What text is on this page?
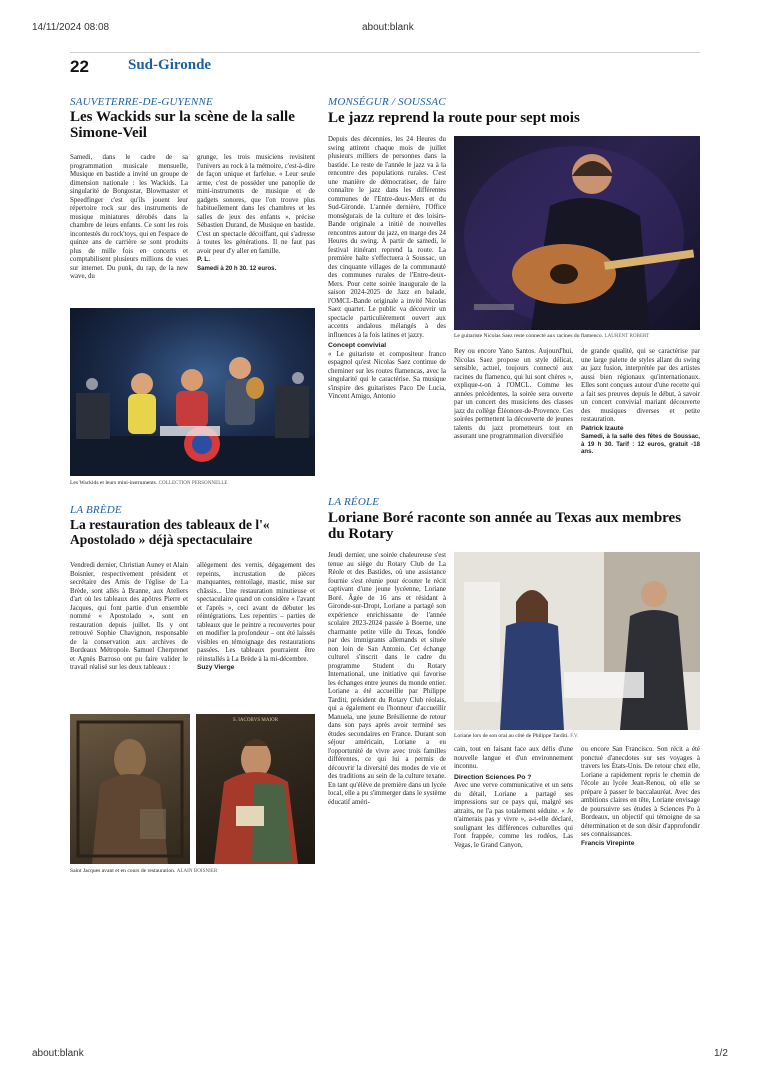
14/11/2024 08:08	about:blank
about:blank	1/2
22	Sud-Gironde
SAUVETERRE-DE-GUYENNE
Les Wackids sur la scène de la salle Simone-Veil

Samedi, dans le cadre de sa programmation musicale mensuelle, Musique en bastide a invité un groupe de dimension nationale : les Wackids. La singularité de Bongostar, Blowmaster et Speedfinger c'est qu'ils jouent leur répertoire rock sur des instruments de musique miniatures dérobés dans la chambre de leurs enfants. Ce sont les rois incontestés du rock'toys, qui en l'espace de quinze ans de carrière se sont produits plus de mille fois en concerts et comptabilisent plusieurs millions de vues sur internet. Du punk, du rap, de la new wave, du

grunge, les trois musiciens revisitent l'univers au rock à la mémoire, c'est-à-dire de façon unique et farfelue. « Leur seule arme, c'est de posséder une panoplie de mini-instruments de musique et de gadgets sonores, que l'on trouve plus habituellement dans les chambres et les salles de jeux des enfants », précise Sébastien Durand, de Musique en bastide. C'est un spectacle décoiffant, qui s'adresse à toutes les générations. Il ne faut pas avoir peur d'y aller en famille.

P. L.

Samedi à 20 h 30. 12 euros.

Les Wackids et leurs mini-instruments. COLLECTION PERSONNELLE
MONSÉGUR / SOUSSAC
Le jazz reprend la route pour sept mois

Depuis des décennies, les 24 Heures du swing attirent chaque mois de juillet plusieurs milliers de personnes dans la bastide. Le reste de l'année le jazz va à la rencontre des populations rurales. C'est une manière de démocratiser, de faire connaître le jazz dans les différentes communes de l'Entre-deux-Mers et du Sud-Gironde. L'année dernière, l'Office monségurais de la culture et des loisirs-Bande originale a initié de nouvelles rencontres autour du jazz, en marge des 24 Heures du swing. À partir de samedi, le festival itinérant reprend la route. La première halte s'effectuera à Soussac, un des cinquante villages de la communauté des communes rurales de l'Entre-deux-Mers. Pour cette soirée inaugurale de la saison 2024-2025 de Jazz en balade, l'OMCL-Bande originale a invité Nicolas Saez quartet. Le public va découvrir un spectacle particulièrement ouvert aux accents andalous mélangés à des influences à la fois latines et jazzy.

Concept convivial

« Le guitariste et compositeur franco espagnol qu'est Nicolas Saez continue de cheminer sur les routes flamencas, avec la singularité qui le caractérise. Sa musique s'inspire des guitaristes Paco De Lucia, Vincent Amigo, Antonio

Le guitariste Nicolas Saez reste connecté aux racines du flamenco. LAURENT ROBERT

Rey ou encore Yano Santos. Aujourd'hui, Nicolas Saez propose un style délicat, sensible, actuel, toujours connecté aux racines du flamenco, qui lui sont chères », explique-t-on à l'OMCL. Comme les années précédentes, la soirée sera ouverte par un concert des musiciens des classes jazz du collège Éléonore-de-Provence. Ces soirées permettent la découverte de jeunes talents du jazz prometteurs tout en assurant une programmation diversifiée

de grande qualité, qui se caractérise par une large palette de styles allant du swing au jazz fusion, interprétée par des artistes aussi bien régionaux qu'internationaux. Elles sont conçues autour d'une recette qui a fait ses preuves depuis le début, à savoir un concert convivial mariant découverte des musiques diverses et petite restauration.

Patrick Izaute

Samedi, à la salle des fêtes de Soussac, à 19 h 30. Tarif : 12 euros, gratuit -18 ans.

LA BRÈDE
La restauration des tableaux de l'« Apostolado » déjà spectaculaire

Vendredi dernier, Christian Auney et Alain Boisnier, respectivement président et secrétaire des Amis de l'église de La Brède, sont allés à Branne, aux Ateliers d'art où les tableaux des apôtres Pierre et Jacques, qui font partie d'un ensemble nommé « Apostolado », sont en restauration depuis juillet. Ils y ont retrouvé Sophie Chavignon, responsable de la conservation aux archives de Bordeaux Métropole. Samuel Cherprenet et Agnès Barroso ont pu faire valider le travail réalisé sur les deux tableaux :

allègement des vernis, dégagement des repeints, incrustation de pièces manquantes, rentoilage, mastic, mise sur châssis... Une restauration minutieuse et spectaculaire quand on considère « l'avant et l'après », ceci avant de débuter les réintégrations. Les repentirs – parties de tableaux que le peintre a recouvertes pour en modifier la profondeur – ont été laissés visibles en témoignage des restaurations passées. Les tableaux pourraient être réinstallés à La Brède à la mi-décembre.

Suzy Vierge

S. IACOBVS MAIOR
Saint Jacques avant et en cours de restauration. ALAIN BOISNIER
LA RÉOLE
Loriane Boré raconte son année au Texas aux membres du Rotary

Jeudi dernier, une soirée chaleureuse s'est tenue au siège du Rotary Club de La Réole et des Bastides, où une assistance fournie s'est réunie pour écouter le récit captivant d'une jeune lycéenne, Loriane Boré. Âgée de 16 ans et résidant à Gironde-sur-Dropt, Loriane a partagé son expérience enrichissante de l'année scolaire 2023-2024 passée à Boerne, une charmante petite ville du Texas, fondée par des immigrants allemands et située non loin de San Antonio. Cet échange culturel s'inscrit dans le cadre du programme Student du Rotary International, une initiative qui favorise les échanges entre jeunes du monde entier. Loriane a été accueillie par Philippe Tarditi, président du Rotary Club réolais, qui a également eu l'honneur d'accueillir Manuela, une jeune Brésilienne de retour dans son pays après avoir terminé ses études secondaires en France. Durant son séjour américain, Loriane a eu l'opportunité de vivre avec trois familles différentes, ce qui lui a permis de découvrir la diversité des modes de vie et des traditions au sein de la culture texane. En tant qu'élève de première dans un lycée local, elle a pu s'immerger dans le système éducatif améri-

Loriane lors de son oral au côté de Philippe Tarditi. F.V.

cain, tout en faisant face aux défis d'une nouvelle langue et d'un environnement inconnu.

Direction Sciences Po ?

Avec une verve communicative et un sens du détail, Loriane a partagé ses impressions sur ce pays qui, malgré ses attraits, ne l'a pas totalement séduite. « Je n'aimerais pas y vivre », a-t-elle déclaré, soulignant les différences culturelles qui l'ont frappée, comme les rodéos, Las Vegas, le Grand Canyon,

ou encore San Francisco. Son récit a été ponctué d'anecdotes sur ses voyages à travers les États-Unis. De retour chez elle, Loriane a rapidement repris le chemin de l'école au lycée Jean-Renou, où elle se prépare à passer le baccalauréat. Avec des ambitions claires en tête, Loriane envisage de poursuivre ses études à Sciences Po à Bordeaux, un objectif qui témoigne de sa détermination et de son désir d'approfondir ses connaissances.

Francis Virepinte
